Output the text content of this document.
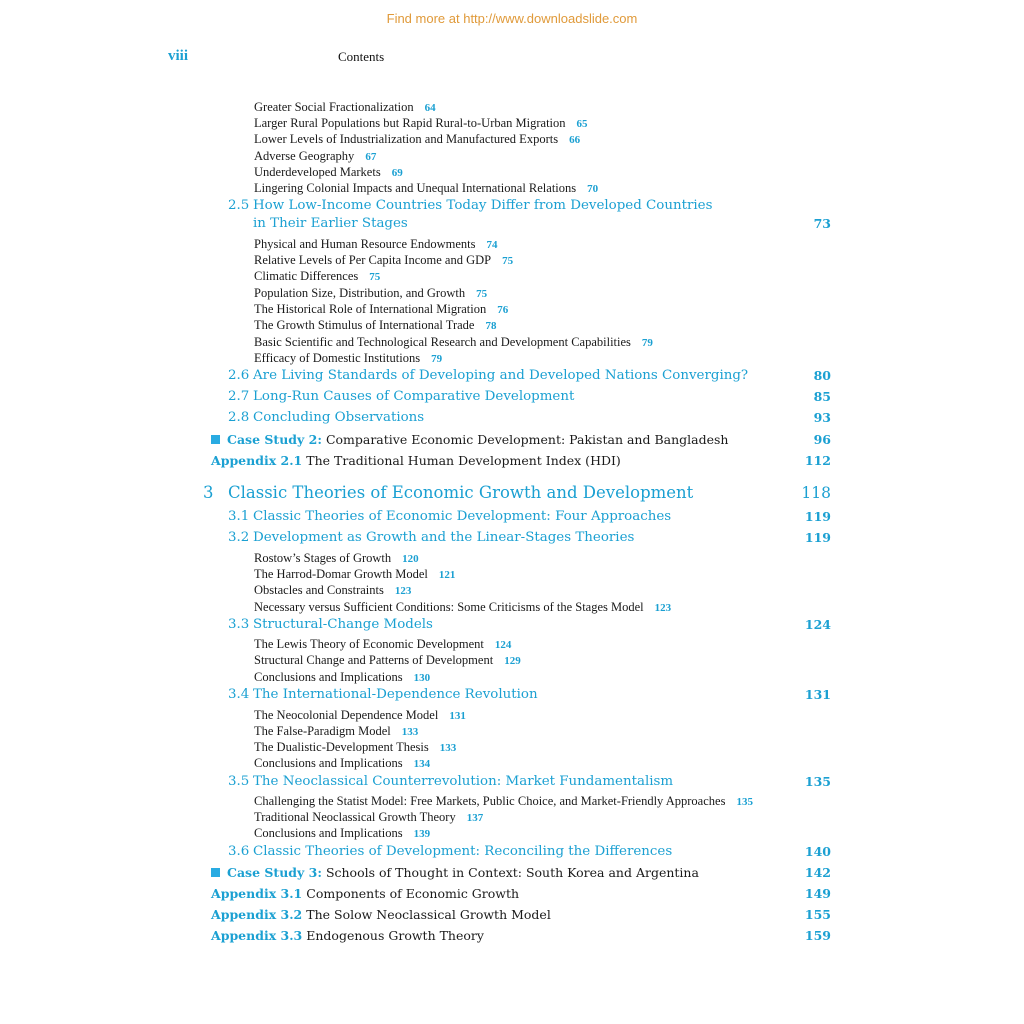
Find more at http://www.downloadslide.com
viii	Contents
Greater Social Fractionalization 64
Larger Rural Populations but Rapid Rural-to-Urban Migration 65
Lower Levels of Industrialization and Manufactured Exports 66
Adverse Geography 67
Underdeveloped Markets 69
Lingering Colonial Impacts and Unequal International Relations 70
2.5 How Low-Income Countries Today Differ from Developed Countries
in Their Earlier Stages	73
Physical and Human Resource Endowments 74
Relative Levels of Per Capita Income and GDP 75
Climatic Differences 75
Population Size, Distribution, and Growth 75
The Historical Role of International Migration 76
The Growth Stimulus of International Trade 78
Basic Scientific and Technological Research and Development Capabilities 79
Efficacy of Domestic Institutions 79
2.6 Are Living Standards of Developing and Developed Nations Converging?	80
2.7 Long-Run Causes of Comparative Development	85
2.8 Concluding Observations	93
Case Study 2: Comparative Economic Development: Pakistan and Bangladesh	96
Appendix 2.1 The Traditional Human Development Index (HDI)	112
3 Classic Theories of Economic Growth and Development	118
3.1 Classic Theories of Economic Development: Four Approaches	119
3.2 Development as Growth and the Linear-Stages Theories	119
Rostow’s Stages of Growth 120
The Harrod-Domar Growth Model 121
Obstacles and Constraints 123
Necessary versus Sufficient Conditions: Some Criticisms of the Stages Model 123
3.3 Structural-Change Models	124
The Lewis Theory of Economic Development 124
Structural Change and Patterns of Development 129
Conclusions and Implications 130
3.4 The International-Dependence Revolution	131
The Neocolonial Dependence Model 131
The False-Paradigm Model 133
The Dualistic-Development Thesis 133
Conclusions and Implications 134
3.5 The Neoclassical Counterrevolution: Market Fundamentalism	135
Challenging the Statist Model: Free Markets, Public Choice, and Market-Friendly Approaches 135
Traditional Neoclassical Growth Theory 137
Conclusions and Implications 139
3.6 Classic Theories of Development: Reconciling the Differences	140
Case Study 3: Schools of Thought in Context: South Korea and Argentina	142
Appendix 3.1 Components of Economic Growth	149
Appendix 3.2 The Solow Neoclassical Growth Model	155
Appendix 3.3 Endogenous Growth Theory	159
